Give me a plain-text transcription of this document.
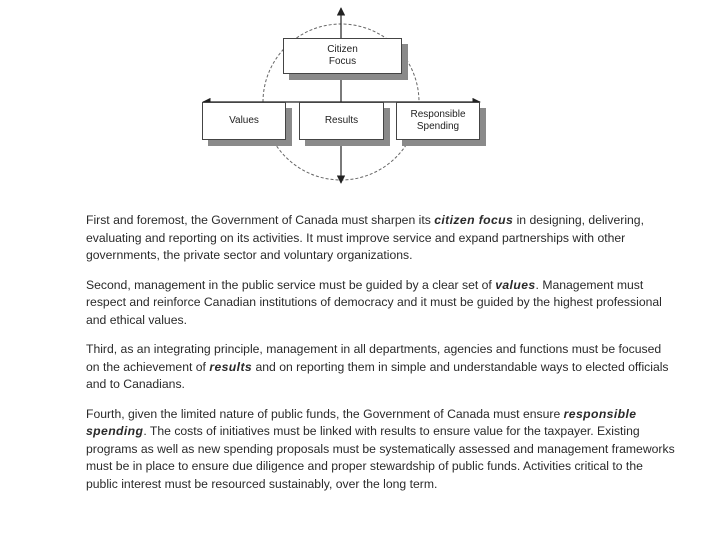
Citizen
Focus
Values	Results
Responsible
Spending

First and foremost, the Government of Canada must sharpen its citizen focus in designing, delivering, evaluating and reporting on its activities. It must improve service and expand partnerships with other governments, the private sector and voluntary organizations.

Second, management in the public service must be guided by a clear set of values. Management must respect and reinforce Canadian institutions of democracy and it must be guided by the highest professional and ethical values.

Third, as an integrating principle, management in all departments, agencies and functions must be focused on the achievement of results and on reporting them in simple and understandable ways to elected officials and to Canadians.

Fourth, given the limited nature of public funds, the Government of Canada must ensure responsible spending. The costs of initiatives must be linked with results to ensure value for the taxpayer. Existing programs as well as new spending proposals must be systematically assessed and management frameworks must be in place to ensure due diligence and proper stewardship of public funds. Activities critical to the public interest must be resourced sustainably, over the long term.
